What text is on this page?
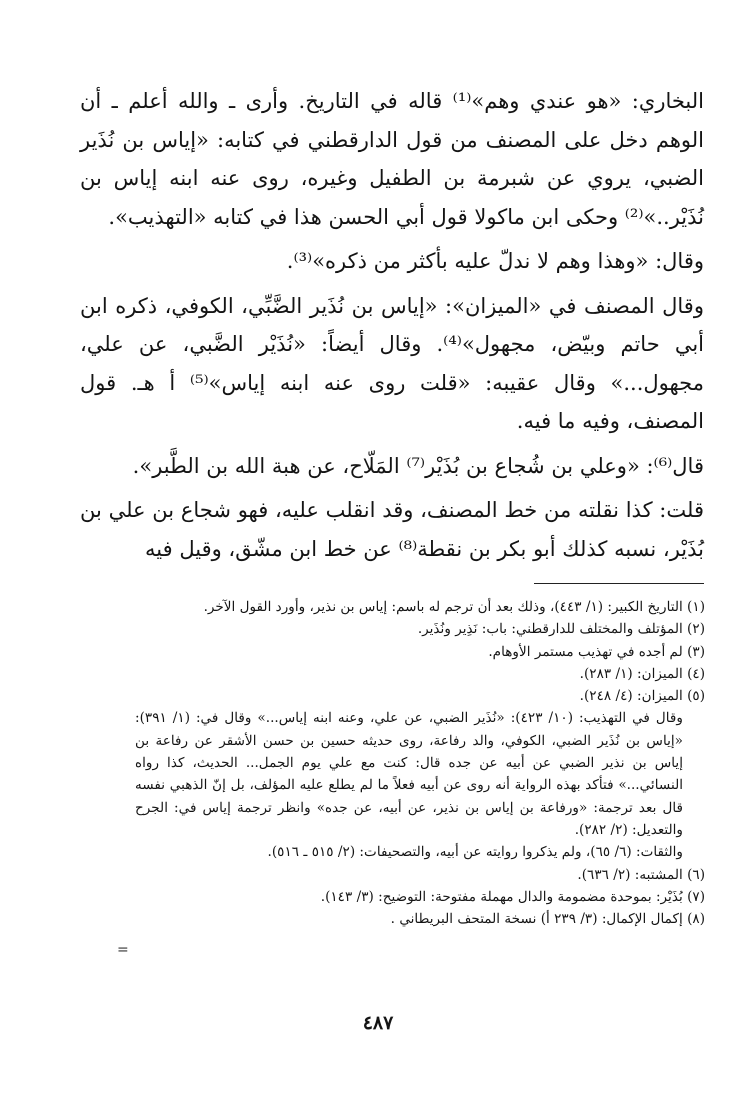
البخاري: «هو عندي وهم»⁽¹⁾ قاله في التاريخ. وأرى ـ والله أعلم ـ أن الوهم دخل على المصنف من قول الدارقطني في كتابه: «إياس بن نُذَير الضبي، يروي عن شبرمة بن الطفيل وغيره، روى عنه ابنه إياس بن نُذَيْر..»⁽²⁾ وحكى ابن ماكولا قول أبي الحسن هذا في كتابه «التهذيب».

وقال: «وهذا وهم لا ندلّ عليه بأكثر من ذكره»⁽³⁾.

وقال المصنف في «الميزان»: «إياس بن نُذَير الضَّبِّي، الكوفي، ذكره ابن أبي حاتم وبيّض، مجهول»⁽⁴⁾. وقال أيضاً: «نُذَيْر الضَّبي، عن علي، مجهول...» وقال عقيبه: «قلت روى عنه ابنه إياس»⁽⁵⁾ أ هـ. قول المصنف، وفيه ما فيه.

قال⁽⁶⁾: «وعلي بن شُجاع بن بُذَيْر⁽⁷⁾ المَلّاح، عن هبة الله بن الطَّبر».

قلت: كذا نقلته من خط المصنف، وقد انقلب عليه، فهو شجاع بن علي بن بُذَيْر، نسبه كذلك أبو بكر بن نقطة⁽⁸⁾ عن خط ابن مشّق، وقيل فيه

(١) التاريخ الكبير: (١/ ٤٤٣)، وذلك بعد أن ترجم له باسم: إياس بن نذير، وأورد القول الآخر.

(٢) المؤتلف والمختلف للدارقطني: باب: نَذِير ونُذَير.

(٣) لم أجده في تهذيب مستمر الأوهام.

(٤) الميزان: (١/ ٢٨٣).

(٥) الميزان: (٤/ ٢٤٨).

وقال في التهذيب: (١٠/ ٤٢٣): «نُذَير الضبي، عن علي، وعنه ابنه إياس...» وقال في: (١/ ٣٩١): «إياس بن نُذَير الضبي، الكوفي، والد رفاعة، روى حديثه حسين بن حسن الأشقر عن رفاعة بن إياس بن نذير الضبي عن أبيه عن جده قال: كنت مع علي يوم الجمل... الحديث، كذا رواه النسائي...» فتأكد بهذه الرواية أنه روى عن أبيه فعلاً ما لم يطلع عليه المؤلف، بل إنّ الذهبي نفسه قال بعد ترجمة: «ورفاعة بن إياس بن نذير، عن أبيه، عن جده» وانظر ترجمة إياس في: الجرح والتعديل: (٢/ ٢٨٢).

والثقات: (٦/ ٦٥)، ولم يذكروا روايته عن أبيه، والتصحيفات: (٢/ ٥١٥ ـ ٥١٦).

(٦) المشتبه: (٢/ ٦٣٦).

(٧) بُذَيْر: بموحدة مضمومة والدال مهملة مفتوحة: التوضيح: (٣/ ١٤٣).

(٨) إكمال الإكمال: (٣/ ٢٣٩ أ) نسخة المتحف البريطاني .

=
٤٨٧
